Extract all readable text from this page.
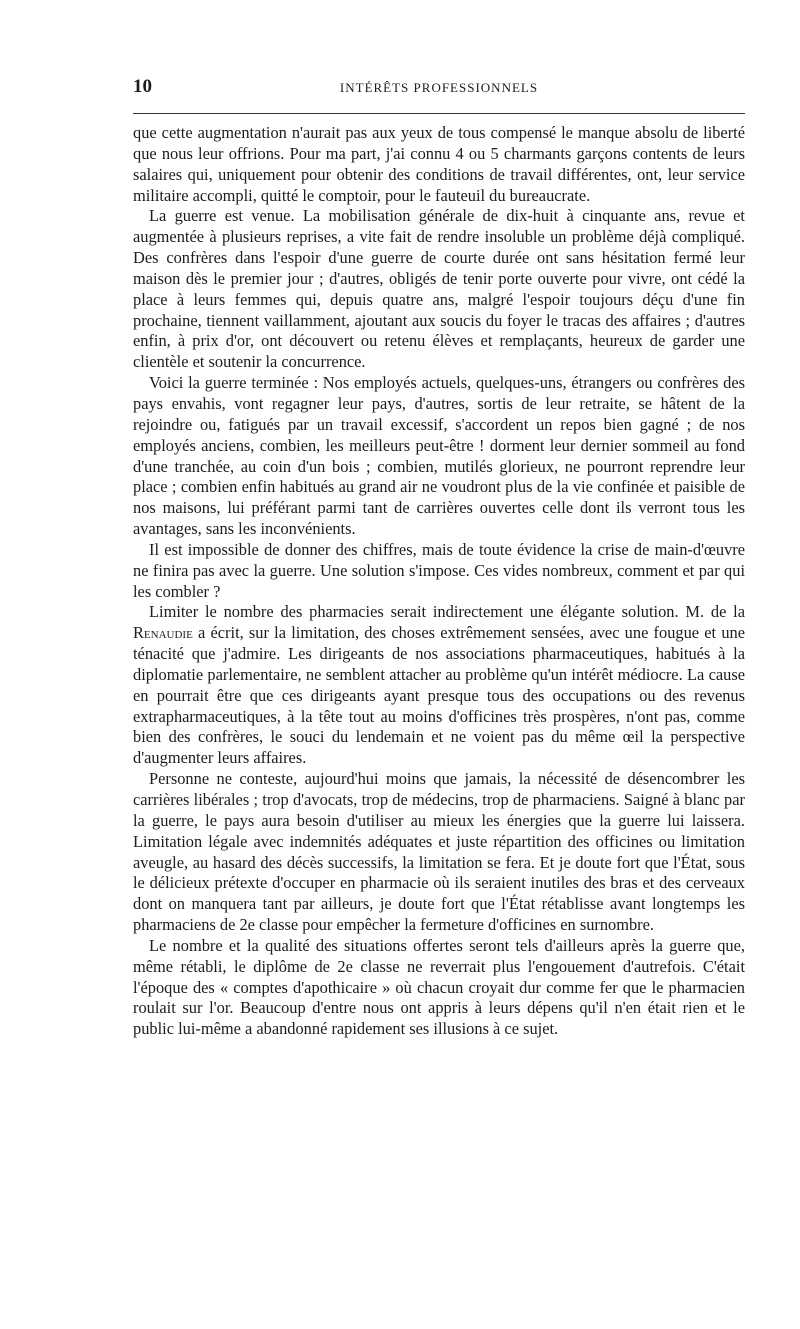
10	INTÉRÊTS PROFESSIONNELS

que cette augmentation n'aurait pas aux yeux de tous compensé le manque absolu de liberté que nous leur offrions. Pour ma part, j'ai connu 4 ou 5 charmants garçons contents de leurs salaires qui, uniquement pour obtenir des conditions de travail différentes, ont, leur service militaire accompli, quitté le comptoir, pour le fauteuil du bureaucrate.

La guerre est venue. La mobilisation générale de dix-huit à cinquante ans, revue et augmentée à plusieurs reprises, a vite fait de rendre insoluble un problème déjà compliqué. Des confrères dans l'espoir d'une guerre de courte durée ont sans hésitation fermé leur maison dès le premier jour ; d'autres, obligés de tenir porte ouverte pour vivre, ont cédé la place à leurs femmes qui, depuis quatre ans, malgré l'espoir toujours déçu d'une fin prochaine, tiennent vaillamment, ajoutant aux soucis du foyer le tracas des affaires ; d'autres enfin, à prix d'or, ont découvert ou retenu élèves et remplaçants, heureux de garder une clientèle et soutenir la concurrence.

Voici la guerre terminée : Nos employés actuels, quelques-uns, étrangers ou confrères des pays envahis, vont regagner leur pays, d'autres, sortis de leur retraite, se hâtent de la rejoindre ou, fatigués par un travail excessif, s'accordent un repos bien gagné ; de nos employés anciens, combien, les meilleurs peut-être ! dorment leur dernier sommeil au fond d'une tranchée, au coin d'un bois ; combien, mutilés glorieux, ne pourront reprendre leur place ; combien enfin habitués au grand air ne voudront plus de la vie confinée et paisible de nos maisons, lui préférant parmi tant de carrières ouvertes celle dont ils verront tous les avantages, sans les inconvénients.

Il est impossible de donner des chiffres, mais de toute évidence la crise de main-d'œuvre ne finira pas avec la guerre. Une solution s'impose. Ces vides nombreux, comment et par qui les combler ?

Limiter le nombre des pharmacies serait indirectement une élégante solution. M. de la Renaudie a écrit, sur la limitation, des choses extrêmement sensées, avec une fougue et une ténacité que j'admire. Les dirigeants de nos associations pharmaceutiques, habitués à la diplomatie parlementaire, ne semblent attacher au problème qu'un intérêt médiocre. La cause en pourrait être que ces dirigeants ayant presque tous des occupations ou des revenus extrapharmaceutiques, à la tête tout au moins d'officines très prospères, n'ont pas, comme bien des confrères, le souci du lendemain et ne voient pas du même œil la perspective d'augmenter leurs affaires.

Personne ne conteste, aujourd'hui moins que jamais, la nécessité de désencombrer les carrières libérales ; trop d'avocats, trop de médecins, trop de pharmaciens. Saigné à blanc par la guerre, le pays aura besoin d'utiliser au mieux les énergies que la guerre lui laissera. Limitation légale avec indemnités adéquates et juste répartition des officines ou limitation aveugle, au hasard des décès successifs, la limitation se fera. Et je doute fort que l'État, sous le délicieux prétexte d'occuper en pharmacie où ils seraient inutiles des bras et des cerveaux dont on manquera tant par ailleurs, je doute fort que l'État rétablisse avant longtemps les pharmaciens de 2e classe pour empêcher la fermeture d'officines en surnombre.

Le nombre et la qualité des situations offertes seront tels d'ailleurs après la guerre que, même rétabli, le diplôme de 2e classe ne reverrait plus l'engouement d'autrefois. C'était l'époque des « comptes d'apothicaire » où chacun croyait dur comme fer que le pharmacien roulait sur l'or. Beaucoup d'entre nous ont appris à leurs dépens qu'il n'en était rien et le public lui-même a abandonné rapidement ses illusions à ce sujet.
